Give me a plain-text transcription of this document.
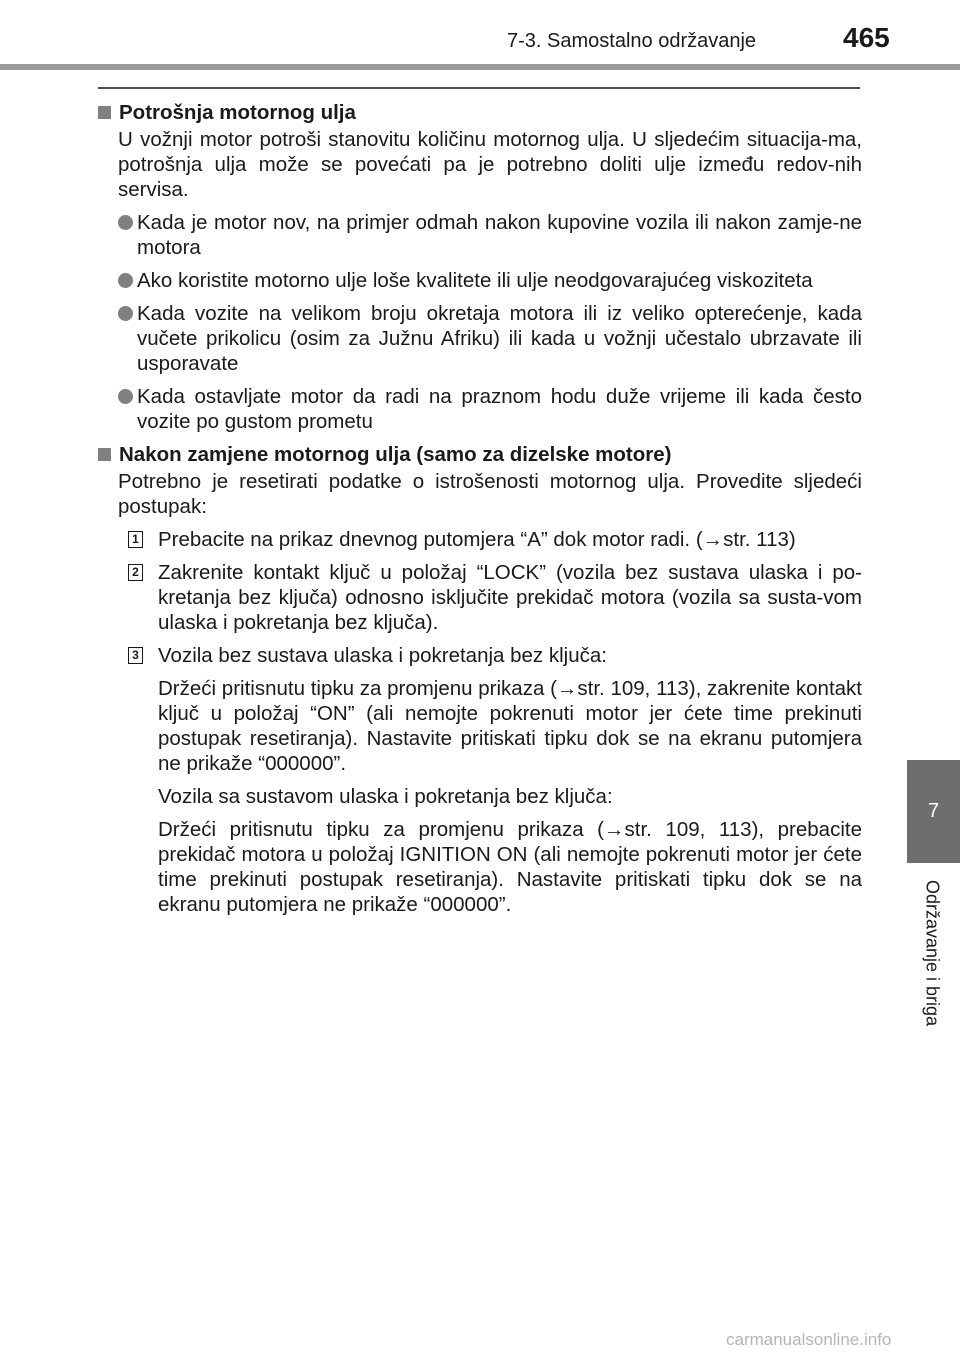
7-3. Samostalno održavanje	465
7
Održavanje i briga
Potrošnja motornog ulja

U vožnji motor potroši stanovitu količinu motornog ulja. U sljedećim situacija-ma, potrošnja ulja može se povećati pa je potrebno doliti ulje između redov-nih servisa.

Kada je motor nov, na primjer odmah nakon kupovine vozila ili nakon zamje-ne motora
Ako koristite motorno ulje loše kvalitete ili ulje neodgovarajućeg viskoziteta
Kada vozite na velikom broju okretaja motora ili iz veliko opterećenje, kada vučete prikolicu (osim za Južnu Afriku) ili kada u vožnji učestalo ubrzavate ili usporavate
Kada ostavljate motor da radi na praznom hodu duže vrijeme ili kada često vozite po gustom prometu
Nakon zamjene motornog ulja (samo za dizelske motore)

Potrebno je resetirati podatke o istrošenosti motornog ulja. Provedite sljedeći postupak:

1 Prebacite na prikaz dnevnog putomjera “A” dok motor radi. (→str. 113)
2 Zakrenite kontakt ključ u položaj “LOCK” (vozila bez sustava ulaska i po-kretanja bez ključa) odnosno isključite prekidač motora (vozila sa susta-vom ulaska i pokretanja bez ključa).
3 Vozila bez sustava ulaska i pokretanja bez ključa:

Držeći pritisnutu tipku za promjenu prikaza (→str. 109, 113), zakrenite kontakt ključ u položaj “ON” (ali nemojte pokrenuti motor jer ćete time prekinuti postupak resetiranja). Nastavite pritiskati tipku dok se na ekranu putomjera ne prikaže “000000”.

Vozila sa sustavom ulaska i pokretanja bez ključa:

Držeći pritisnutu tipku za promjenu prikaza (→str. 109, 113), prebacite prekidač motora u položaj IGNITION ON (ali nemojte pokrenuti motor jer ćete time prekinuti postupak resetiranja). Nastavite pritiskati tipku dok se na ekranu putomjera ne prikaže “000000”.

carmanualsonline.info
